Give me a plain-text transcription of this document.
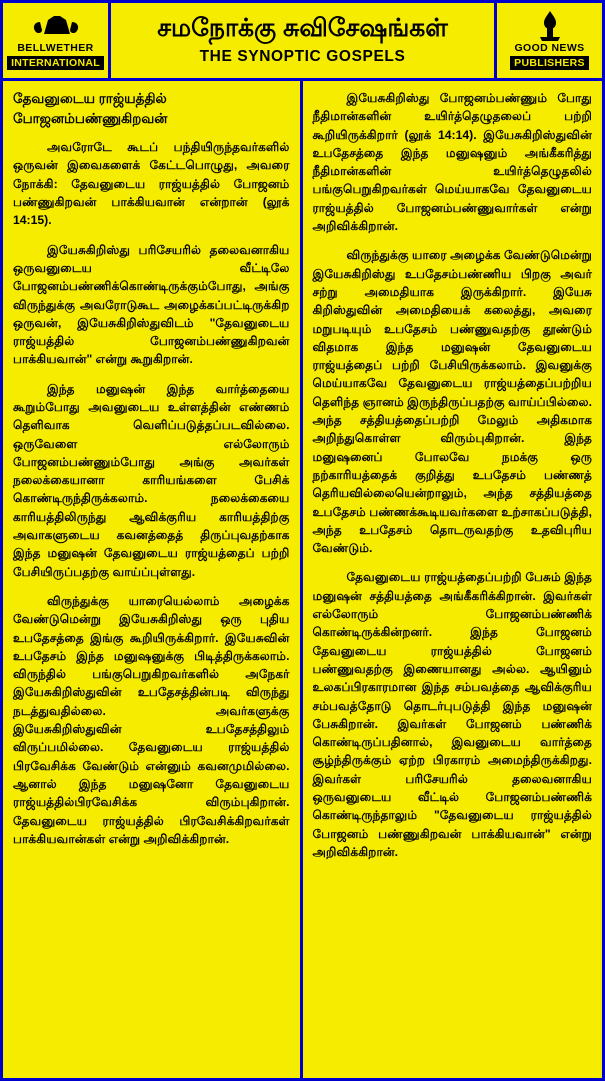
BELLWETHER
INTERNATIONAL
சமநோக்கு சுவிசேஷங்கள்
THE SYNOPTIC GOSPELS
GOOD NEWS
PUBLISHERS
தேவனுடைய ராஜ்யத்தில் போஜனம்பண்ணுகிறவன்

அவரோடே கூடப் பந்தியிருந்தவர்களில் ஒருவன் இவைகளைக் கேட்டபொழுது, அவரை நோக்கி: தேவனுடைய ராஜ்யத்தில் போஜனம் பண்ணுகிறவன் பாக்கியவான் என்றான் (லூக் 14:15).

இயேசுகிறிஸ்து பரிசேயரில் தலைவனாகிய ஒருவனுடைய வீட்டிலே போஜனம்பண்ணிக்கொண்டிருக்கும்போது, அங்கு விருந்துக்கு அவரோடுகூட அழைக்கப்பட்டிருக்கிற ஒருவன், இயேசுகிறிஸ்துவிடம் "தேவனுடைய ராஜ்யத்தில் போஜனம்பண்ணுகிறவன் பாக்கியவான்" என்று கூறுகிறான்.

இந்த மனுஷன் இந்த வார்த்தையை கூறும்போது அவனுடைய உள்ளத்தின் எண்ணம் தெளிவாக வெளிப்படுத்தப்படவில்லை. ஒருவேளை எல்லோரும் போஜனம்பண்ணும்போது அங்கு அவர்கள் நலைக்கையானா காரியங்களை பேசிக் கொண்டிருந்திருக்கலாம். நலைக்கையை காரியத்திலிருந்து ஆவிக்குரிய காரியத்திற்கு அவாகளுடைய கவனத்தைத் திருப்புவதற்காக இந்த மனுஷன் தேவனுடைய ராஜ்யத்தைப் பற்றி பேசியிருப்பதற்கு வாய்ப்புள்ளது.

விருந்துக்கு யாரையெல்லாம் அழைக்க வேண்டுமென்று இயேசுகிறிஸ்து ஒரு புதிய உபதேசத்தை இங்கு கூறியிருக்கிறார். இயேசுவின் உபதேசம் இந்த மனுஷனுக்கு பிடித்திருக்கலாம். விருந்தில் பங்குபெறுகிறவர்களில் அநேகர் இயேசுகிறிஸ்துவின் உபதேசத்தின்படி விருந்து நடத்துவதில்லை. அவர்களுக்கு இயேசுகிறிஸ்துவின் உபதேசத்திலும் விருப்பமில்லை. தேவனுடைய ராஜ்யத்தில் பிரவேசிக்க வேண்டும் என்னும் கவனமுமில்லை. ஆனால் இந்த மனுஷனோ தேவனுடைய ராஜ்யத்தில்பிரவேசிக்க விரும்புகிறான். தேவனுடைய ராஜ்யத்தில் பிரவேசிக்கிறவர்கள் பாக்கியவான்கள் என்று அறிவிக்கிறான்.

இயேசுகிறிஸ்து போஜனம்பண்ணும் போது நீதிமான்களின் உயிர்த்தெழுதலைப் பற்றி கூறியிருக்கிறார் (லூக் 14:14). இயேசுகிறிஸ்துவின் உபதேசத்தை இந்த மனுஷனும் அங்கீகரித்து நீதிமான்களின் உயிர்த்தெழுதலில் பங்குபெறுகிறவர்கள் மெய்யாகவே தேவனுடைய ராஜ்யத்தில் போஜனம்பண்ணுவார்கள் என்று அறிவிக்கிறான்.

விருந்துக்கு யாரை அழைக்க வேண்டுமென்று இயேசுகிறிஸ்து உபதேசம்பண்ணிய பிறகு அவர் சற்று அமைதியாக இருக்கிறார். இயேசு கிறிஸ்துவின் அமைதியைக் கலைத்து, அவரை மறுபடியும் உபதேசம் பண்ணுவதற்கு தூண்டும் விதமாக இந்த மனுஷன் தேவனுடைய ராஜ்யத்தைப் பற்றி பேசியிருக்கலாம். இவனுக்கு மெய்யாகவே தேவனுடைய ராஜ்யத்தைப்பற்றிய தெளிந்த ஞானம் இருந்திருப்பதற்கு வாய்ப்பில்லை. அந்த சத்தியத்தைப்பற்றி மேலும் அதிகமாக அறிந்துகொள்ள விரும்புகிறான். இந்த மனுஷனைப் போலவே நமக்கு ஒரு நற்காரியத்தைக் குறித்து உபதேசம் பண்ணத் தெரியவில்லையென்றாலும், அந்த சத்தியத்தை உபதேசம் பண்ணக்கூடியவர்களை உற்சாகப்படுத்தி, அந்த உபதேசம் தொடருவதற்கு உதவிபுரிய வேண்டும்.

தேவனுடைய ராஜ்யத்தைப்பற்றி பேசும் இந்த மனுஷன் சத்தியத்தை அங்கீகரிக்கிறான். இவர்கள் எல்லோரும் போஜனம்பண்ணிக் கொண்டிருக்கின்றனர். இந்த போஜனம் தேவனுடைய ராஜ்யத்தில் போஜனம் பண்ணுவதற்கு இணையானது அல்ல. ஆயினும் உலகப்பிரகாரமான இந்த சம்பவத்தை ஆவிக்குரிய சம்பவத்தோடு தொடர்புபடுத்தி இந்த மனுஷன் பேசுகிறான். இவர்கள் போஜனம் பண்ணிக் கொண்டிருப்பதினால், இவனுடைய வார்த்தை சூழ்ந்திருக்கும் ஏற்ற பிரகாரம் அமைந்திருக்கிறது. இவர்கள் பரிசேயரில் தலைவனாகிய ஒருவனுடைய வீட்டில் போஜனம்பண்ணிக் கொண்டிருந்தாலும் "தேவனுடைய ராஜ்யத்தில் போஜனம் பண்ணுகிறவன் பாக்கியவான்" என்று அறிவிக்கிறான்.
